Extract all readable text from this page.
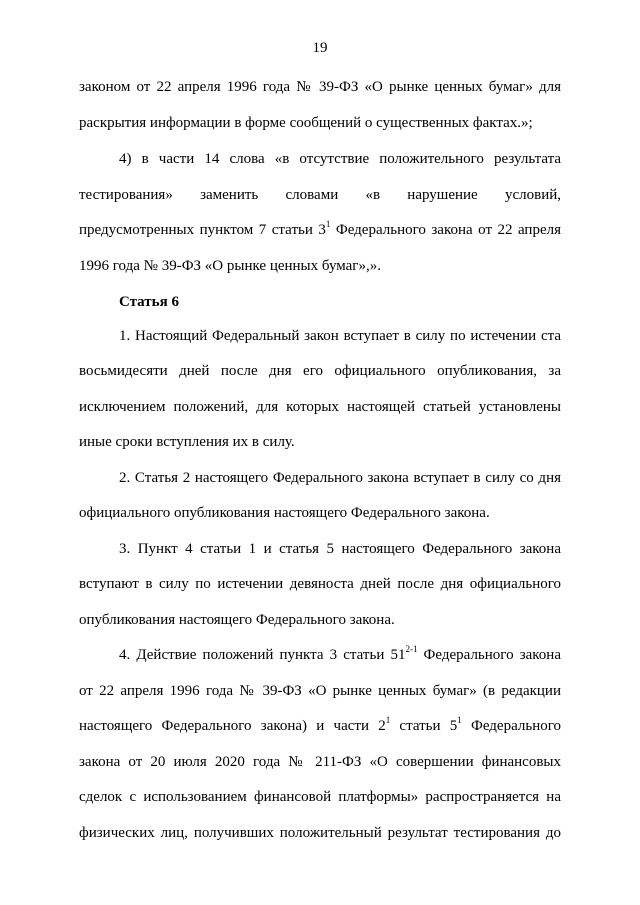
19
законом от 22 апреля 1996 года № 39-ФЗ «О рынке ценных бумаг» для
раскрытия информации в форме сообщений о существенных фактах.»;
4) в части 14 слова «в отсутствие положительного результата
тестирования» заменить словами «в нарушение условий,
предусмотренных пунктом 7 статьи $3^1$ Федерального закона от 22 апреля
1996 года № 39-ФЗ «О рынке ценных бумаг»,».
Статья 6
1. Настоящий Федеральный закон вступает в силу по истечении ста
восьмидесяти дней после дня его официального опубликования, за
исключением положений, для которых настоящей статьей установлены
иные сроки вступления их в силу.
2. Статья 2 настоящего Федерального закона вступает в силу со дня
официального опубликования настоящего Федерального закона.
3. Пункт 4 статьи 1 и статья 5 настоящего Федерального закона
вступают в силу по истечении девяноста дней после дня официального
опубликования настоящего Федерального закона.
4. Действие положений пункта 3 статьи 51$^{2-1}$ Федерального закона
от 22 апреля 1996 года № 39-ФЗ «О рынке ценных бумаг» (в редакции
настоящего Федерального закона) и части $2^1$ статьи $5^1$ Федерального
закона от 20 июля 2020 года № 211-ФЗ «О совершении финансовых
сделок с использованием финансовой платформы» распространяется на
физических лиц, получивших положительный результат тестирования до
